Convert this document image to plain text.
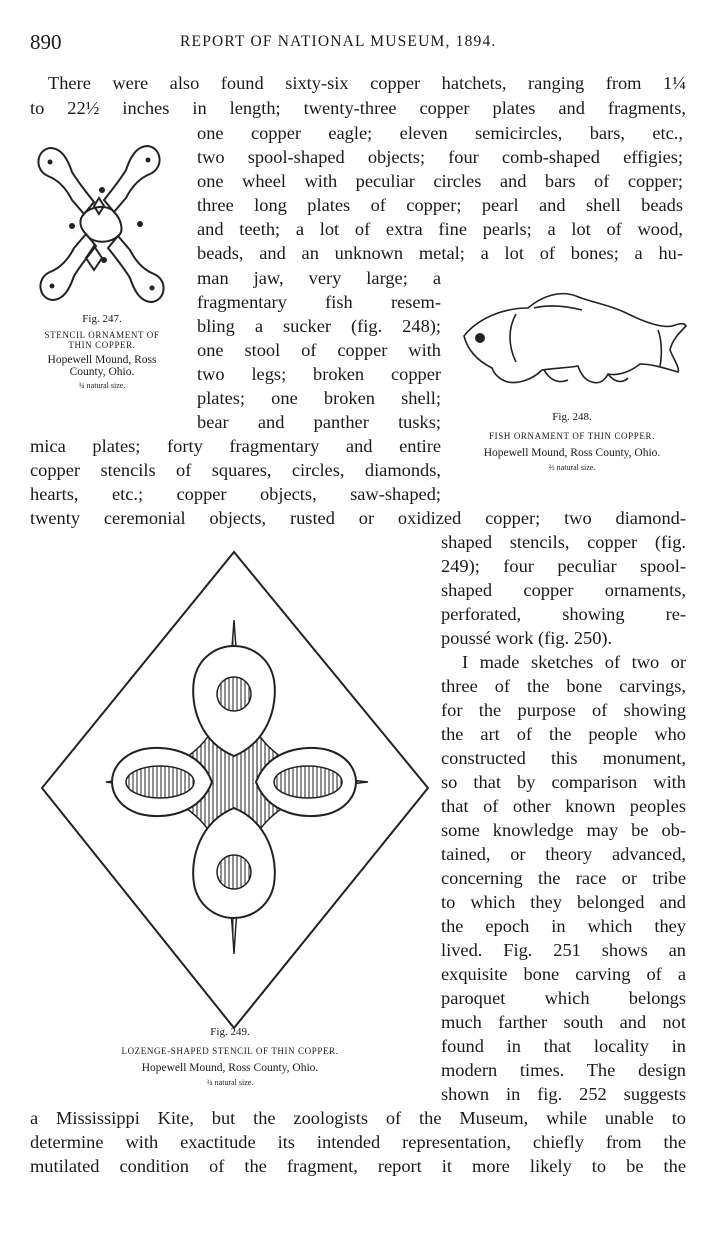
890	REPORT OF NATIONAL MUSEUM, 1894.
There were also found sixty-six copper hatchets, ranging from 1¼
to 22½ inches in length; twenty-three copper plates and fragments,
one copper eagle; eleven semicircles, bars, etc.,
two spool-shaped objects; four comb-shaped effigies;
one wheel with peculiar circles and bars of copper;
three long plates of copper; pearl and shell beads
and teeth; a lot of extra fine pearls; a lot of wood,
beads, and an unknown metal; a lot of bones; a hu-
man jaw, very large; a
fragmentary fish resem-
bling a sucker (fig. 248);
one stool of copper with
two legs; broken copper
plates; one broken shell;
bear and panther tusks;
mica plates; forty fragmentary and entire
copper stencils of squares, circles, diamonds,
hearts, etc.; copper objects, saw-shaped;
twenty ceremonial objects, rusted or oxidized copper; two diamond-
shaped stencils, copper (fig.
249); four peculiar spool-
shaped copper ornaments,
perforated, showing re-
poussé work (fig. 250).
I made sketches of two or
three of the bone carvings,
for the purpose of showing
the art of the people who
constructed this monument,
so that by comparison with
that of other known peoples
some knowledge may be ob-
tained, or theory advanced,
concerning the race or tribe
to which they belonged and
the epoch in which they
lived. Fig. 251 shows an
exquisite bone carving of a
paroquet which belongs
much farther south and not
found in that locality in
modern times. The design
shown in fig. 252 suggests
a Mississippi Kite, but the zoologists of the Museum, while unable to
determine with exactitude its intended representation, chiefly from the
mutilated condition of the fragment, report it more likely to be the
Fig. 247.
STENCIL ORNAMENT OF
THIN COPPER.
Hopewell Mound, Ross
County, Ohio.
¾ natural size.
Fig. 248.
FISH ORNAMENT OF THIN COPPER.
Hopewell Mound, Ross County, Ohio.
⅔ natural size.
Fig. 249.
LOZENGE-SHAPED STENCIL OF THIN COPPER.
Hopewell Mound, Ross County, Ohio.
¾ natural size.
